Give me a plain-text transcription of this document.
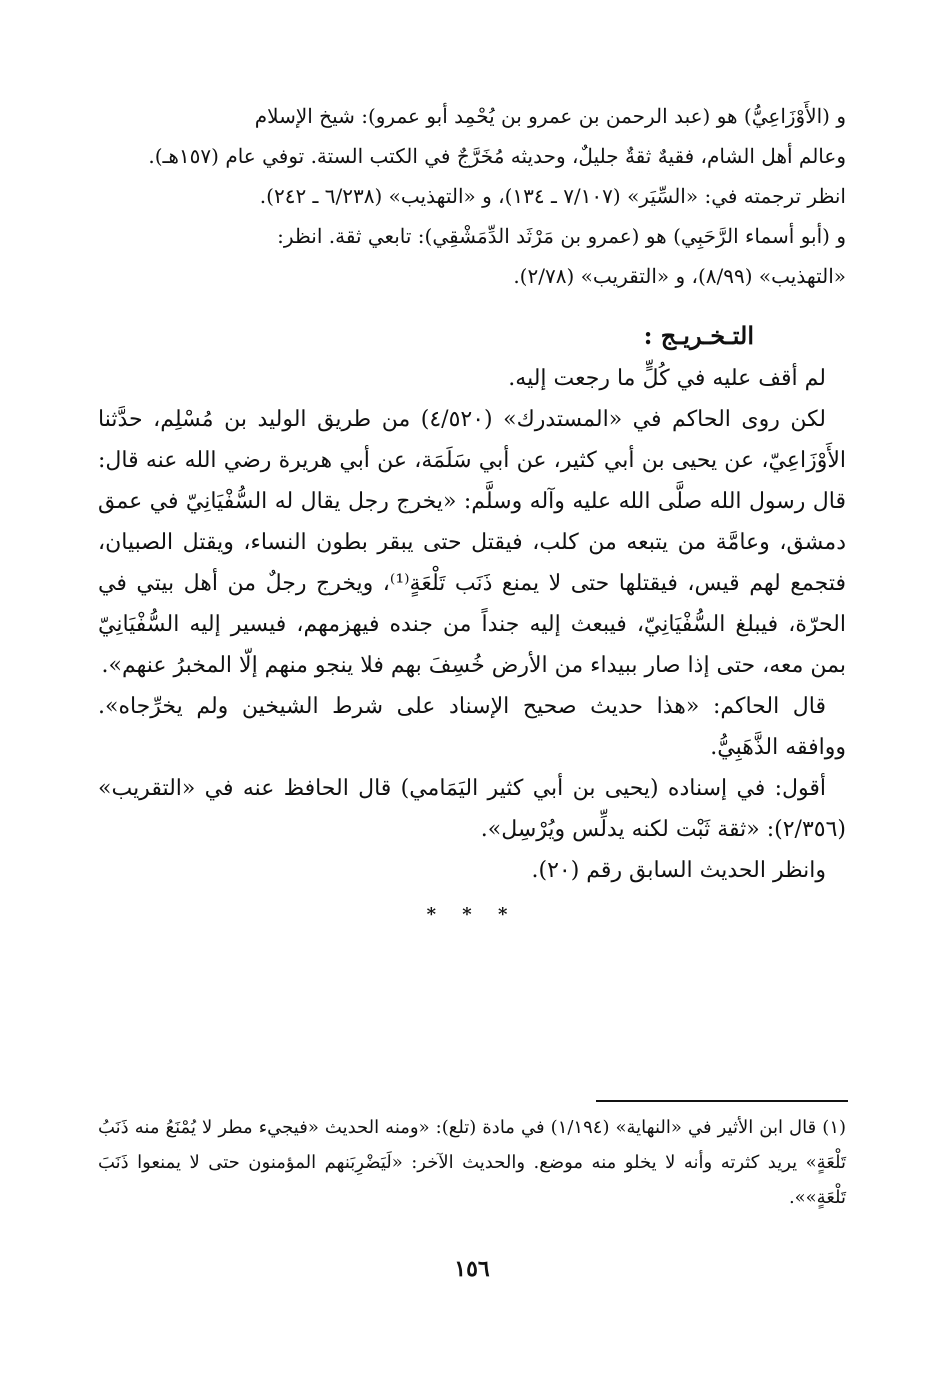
و (الأَوْزَاعِيُّ) هو (عبد الرحمن بن عمرو بن يُحْمِد أبو عمرو): شيخ الإسلام

وعالم أهل الشام، فقيهٌ ثقةٌ جليلٌ، وحديثه مُخَرَّجٌ في الكتب الستة. توفي عام (١٥٧هـ).

انظر ترجمته في: «السِّيَر» (٧/١٠٧ ـ ١٣٤)، و «التهذيب» (٦/٢٣٨ ـ ٢٤٢).

و (أبو أسماء الرَّحَبِي) هو (عمرو بن مَرْثَد الدِّمَشْقِي): تابعي ثقة. انظر:

«التهذيب» (٨/٩٩)، و «التقريب» (٢/٧٨).

التـخـريـج :

لم أقف عليه في كُلٍّ ما رجعت إليه.

لكن روى الحاكم في «المستدرك» (٤/٥٢٠) من طريق الوليد بن مُسْلِم، حدَّثنا الأَوْزَاعِيّ، عن يحيى بن أبي كثير، عن أبي سَلَمَة، عن أبي هريرة رضي الله عنه قال: قال رسول الله صلَّى الله عليه وآله وسلَّم: «يخرج رجل يقال له السُّفْيَانِيّ في عمق دمشق، وعامَّة من يتبعه من كلب، فيقتل حتى يبقر بطون النساء، ويقتل الصبيان، فتجمع لهم قيس، فيقتلها حتى لا يمنع ذَنَب تَلْعَةٍ⁽¹⁾، ويخرج رجلٌ من أهل بيتي في الحرّة، فيبلغ السُّفْيَانِيّ، فيبعث إليه جنداً من جنده فيهزمهم، فيسير إليه السُّفْيَانِيّ بمن معه، حتى إذا صار ببيداء من الأرض خُسِفَ بهم فلا ينجو منهم إلّا المخبرُ عنهم».

قال الحاكم: «هذا حديث صحيح الإسناد على شرط الشيخين ولم يخرِّجاه». ووافقه الذَّهَبِيُّ.

أقول: في إسناده (يحيى بن أبي كثير اليَمَامي) قال الحافظ عنه في «التقريب» (٢/٣٥٦): «ثقة ثَبْت لكنه يدلِّس ويُرْسِل».

وانظر الحديث السابق رقم (٢٠).

* * *
(١) قال ابن الأثير في «النهاية» (١/١٩٤) في مادة (تلع): «ومنه الحديث «فيجيء مطر لا يُمْنَعُ منه ذَنَبُ تَلْعَةٍ» يريد كثرته وأنه لا يخلو منه موضع. والحديث الآخر: «لَيَضْرِبَنهم المؤمنون حتى لا يمنعوا ذَنَبَ تَلْعَةٍ»».
١٥٦
